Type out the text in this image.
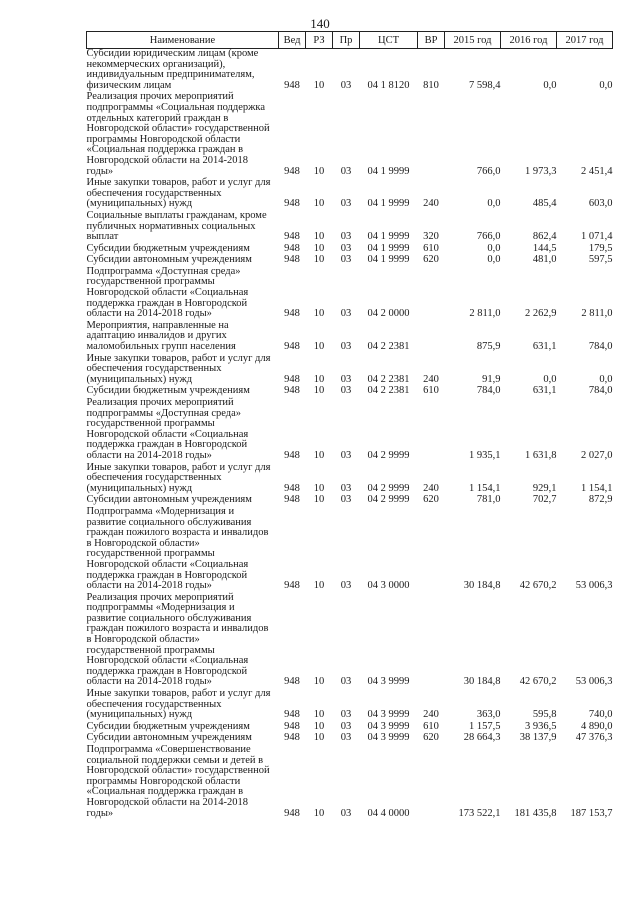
140
Наименование	Вед	РЗ	Пр	ЦСТ	ВР	2015 год	2016 год	2017 год
Субсидии юридическим лицам (кроме некоммерческих организаций), индивидуальным предпринимателям, физическим лицам	948	10	03	04 1 8120	810	7 598,4	0,0	0,0
Реализация прочих мероприятий подпрограммы «Социальная поддержка отдельных категорий граждан в Новгородской области» государственной программы Новгородской области «Социальная поддержка граждан в Новгородской области на 2014-2018 годы»	948	10	03	04 1 9999		766,0	1 973,3	2 451,4
Иные закупки товаров, работ и услуг для обеспечения государственных (муниципальных) нужд	948	10	03	04 1 9999	240	0,0	485,4	603,0
Социальные выплаты гражданам, кроме публичных нормативных социальных выплат	948	10	03	04 1 9999	320	766,0	862,4	1 071,4
Субсидии бюджетным учреждениям	948	10	03	04 1 9999	610	0,0	144,5	179,5
Субсидии автономным учреждениям	948	10	03	04 1 9999	620	0,0	481,0	597,5
Подпрограмма «Доступная среда» государственной программы Новгородской области «Социальная поддержка граждан в Новгородской области на 2014-2018 годы»	948	10	03	04 2 0000		2 811,0	2 262,9	2 811,0
Мероприятия, направленные на адаптацию инвалидов и других маломобильных групп населения	948	10	03	04 2 2381		875,9	631,1	784,0
Иные закупки товаров, работ и услуг для обеспечения государственных (муниципальных) нужд	948	10	03	04 2 2381	240	91,9	0,0	0,0
Субсидии бюджетным учреждениям	948	10	03	04 2 2381	610	784,0	631,1	784,0
Реализация прочих мероприятий подпрограммы «Доступная среда» государственной программы Новгородской области «Социальная поддержка граждан в Новгородской области на 2014-2018 годы»	948	10	03	04 2 9999		1 935,1	1 631,8	2 027,0
Иные закупки товаров, работ и услуг для обеспечения государственных (муниципальных) нужд	948	10	03	04 2 9999	240	1 154,1	929,1	1 154,1
Субсидии автономным учреждениям	948	10	03	04 2 9999	620	781,0	702,7	872,9
Подпрограмма «Модернизация и развитие социального обслуживания граждан пожилого возраста и инвалидов в Новгородской области» государственной программы Новгородской области «Социальная поддержка граждан в Новгородской области на 2014-2018 годы»	948	10	03	04 3 0000		30 184,8	42 670,2	53 006,3
Реализация прочих мероприятий подпрограммы «Модернизация и развитие социального обслуживания граждан пожилого возраста и инвалидов в Новгородской области» государственной программы Новгородской области «Социальная поддержка граждан в Новгородской области на 2014-2018 годы»	948	10	03	04 3 9999		30 184,8	42 670,2	53 006,3
Иные закупки товаров, работ и услуг для обеспечения государственных (муниципальных) нужд	948	10	03	04 3 9999	240	363,0	595,8	740,0
Субсидии бюджетным учреждениям	948	10	03	04 3 9999	610	1 157,5	3 936,5	4 890,0
Субсидии автономным учреждениям	948	10	03	04 3 9999	620	28 664,3	38 137,9	47 376,3
Подпрограмма «Совершенствование социальной поддержки семьи и детей в Новгородской области» государственной программы Новгородской области «Социальная поддержка граждан в Новгородской области на 2014-2018 годы»	948	10	03	04 4 0000		173 522,1	181 435,8	187 153,7
